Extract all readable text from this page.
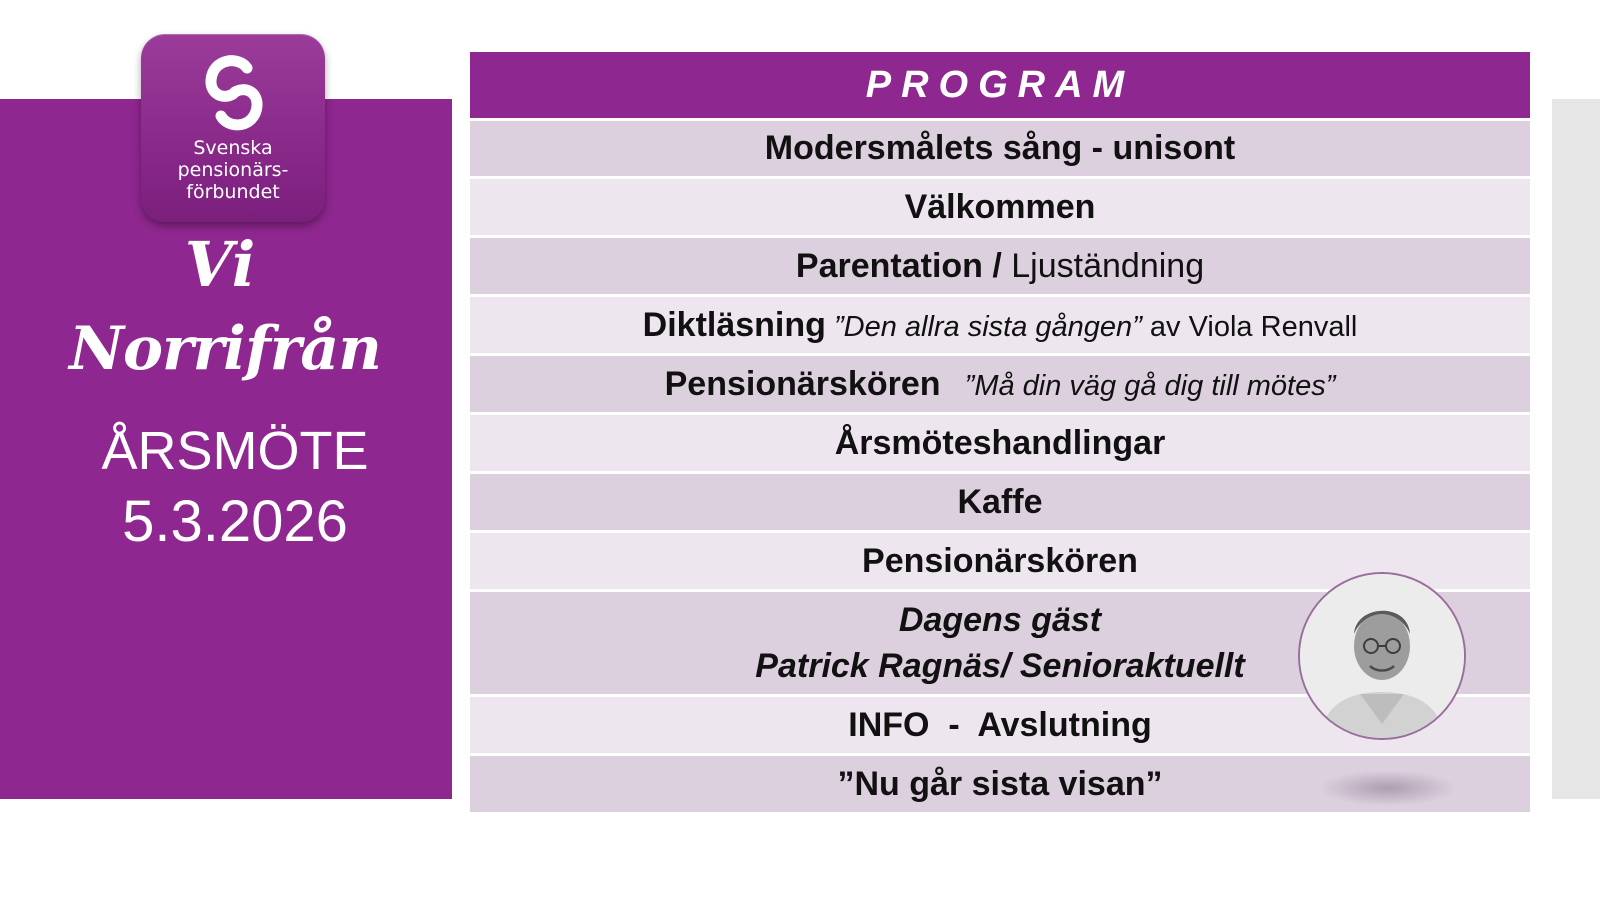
Svenska
pensionärs-
förbundet
Vi
Norrifrån
ÅRSMÖTE
5.3.2026
PROGRAM
Modersmålets sång - unisont
Välkommen
Parentation / Ljuständning
Diktläsning ”Den allra sista gången” av Viola Renvall
Pensionärskören   ”Må din väg gå dig till mötes”
Årsmöteshandlingar
Kaffe
Pensionärskören
Dagens gäst
Patrick Ragnäs/ Senioraktuellt
INFO  -  Avslutning
”Nu går sista visan”
